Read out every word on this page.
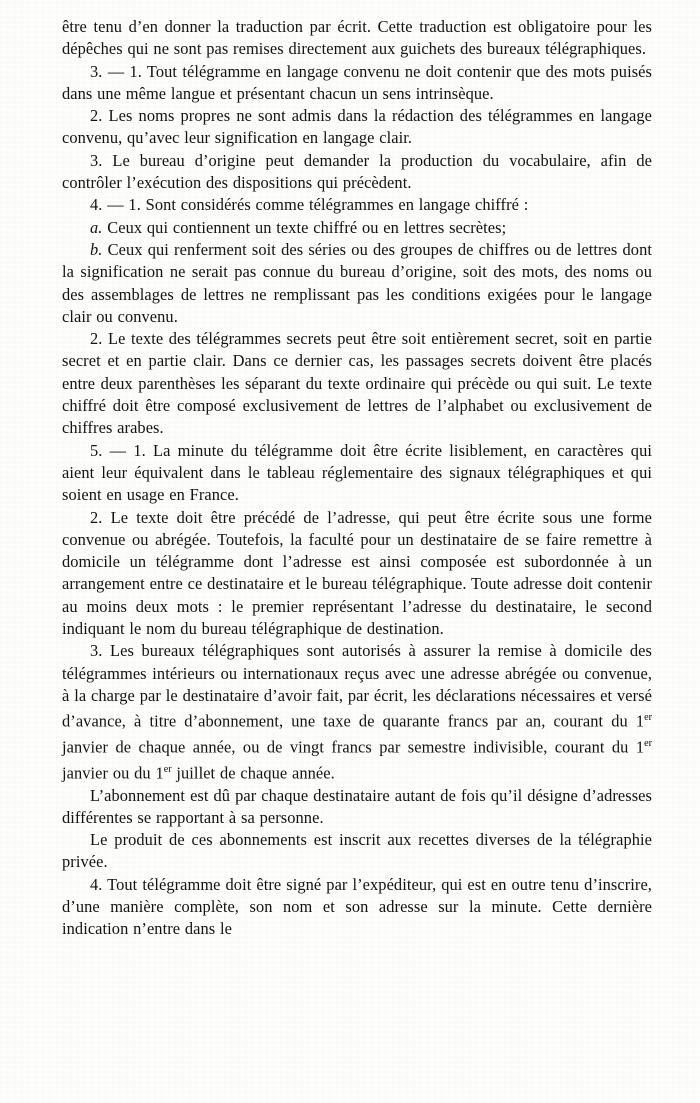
être tenu d’en donner la traduction par écrit. Cette traduction est obligatoire pour les dépêches qui ne sont pas remises directement aux guichets des bureaux télégraphiques.

3. — 1. Tout télégramme en langage convenu ne doit contenir que des mots puisés dans une même langue et présentant chacun un sens intrinsèque.

2. Les noms propres ne sont admis dans la rédaction des télégrammes en langage convenu, qu’avec leur signification en langage clair.

3. Le bureau d’origine peut demander la production du vocabulaire, afin de contrôler l’exécution des dispositions qui précèdent.

4. — 1. Sont considérés comme télégrammes en langage chiffré :

a. Ceux qui contiennent un texte chiffré ou en lettres secrètes;

b. Ceux qui renferment soit des séries ou des groupes de chiffres ou de lettres dont la signification ne serait pas connue du bureau d’origine, soit des mots, des noms ou des assemblages de lettres ne remplissant pas les conditions exigées pour le langage clair ou convenu.

2. Le texte des télégrammes secrets peut être soit entièrement secret, soit en partie secret et en partie clair. Dans ce dernier cas, les passages secrets doivent être placés entre deux parenthèses les séparant du texte ordinaire qui précède ou qui suit. Le texte chiffré doit être composé exclusivement de lettres de l’alphabet ou exclusivement de chiffres arabes.

5. — 1. La minute du télégramme doit être écrite lisiblement, en caractères qui aient leur équivalent dans le tableau réglementaire des signaux télégraphiques et qui soient en usage en France.

2. Le texte doit être précédé de l’adresse, qui peut être écrite sous une forme convenue ou abrégée. Toutefois, la faculté pour un destinataire de se faire remettre à domicile un télégramme dont l’adresse est ainsi composée est subordonnée à un arrangement entre ce destinataire et le bureau télégraphique. Toute adresse doit contenir au moins deux mots : le premier représentant l’adresse du destinataire, le second indiquant le nom du bureau télégraphique de destination.

3. Les bureaux télégraphiques sont autorisés à assurer la remise à domicile des télégrammes intérieurs ou internationaux reçus avec une adresse abrégée ou convenue, à la charge par le destinataire d’avoir fait, par écrit, les déclarations nécessaires et versé d’avance, à titre d’abonnement, une taxe de quarante francs par an, courant du 1er janvier de chaque année, ou de vingt francs par semestre indivisible, courant du 1er janvier ou du 1er juillet de chaque année.

L’abonnement est dû par chaque destinataire autant de fois qu’il désigne d’adresses différentes se rapportant à sa personne.

Le produit de ces abonnements est inscrit aux recettes diverses de la télégraphie privée.

4. Tout télégramme doit être signé par l’expéditeur, qui est en outre tenu d’inscrire, d’une manière complète, son nom et son adresse sur la minute. Cette dernière indication n’entre dans le
